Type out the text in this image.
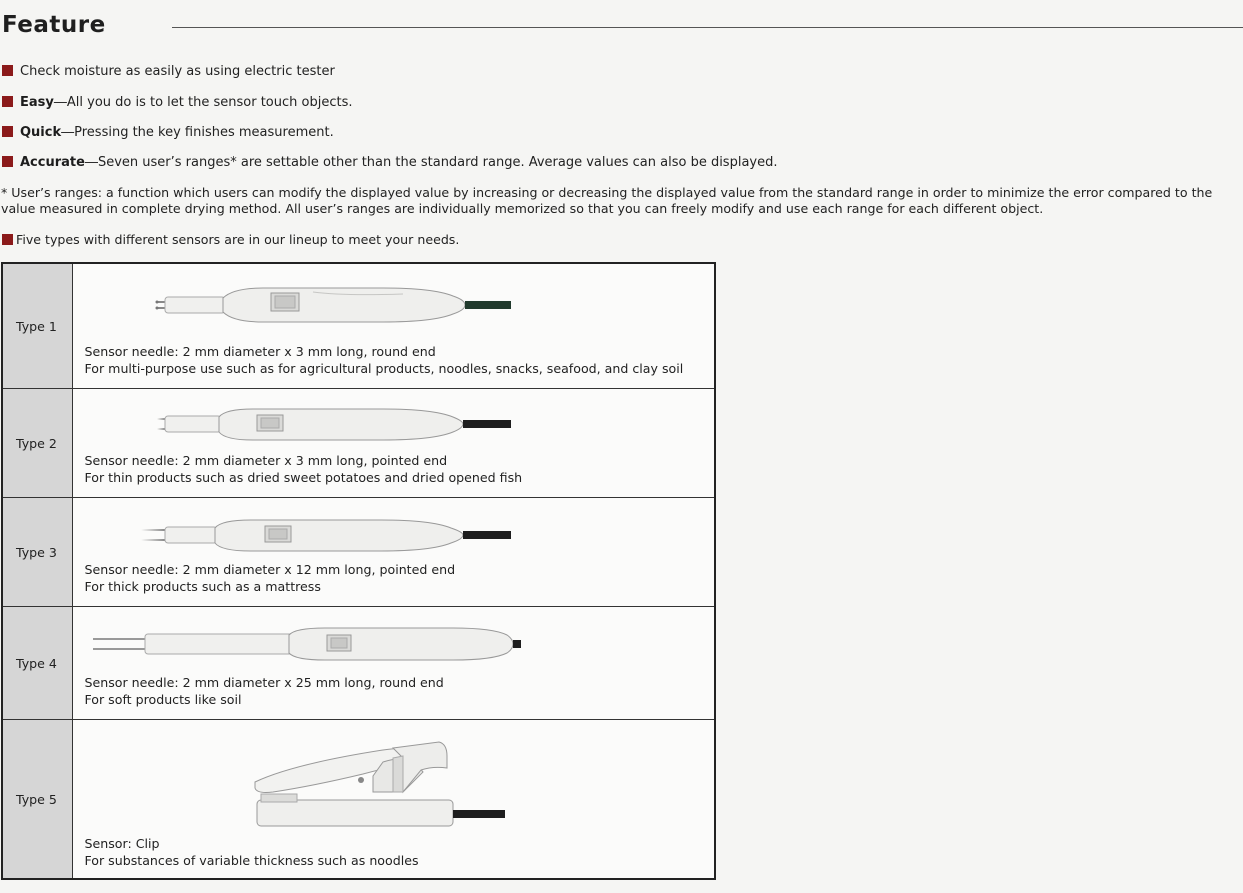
Feature
Check moisture as easily as using electric tester
Easy―All you do is to let the sensor touch objects.
Quick―Pressing the key finishes measurement.
Accurate―Seven user’s ranges* are settable other than the standard range. Average values can also be displayed.
* User’s ranges: a function which users can modify the displayed value by increasing or decreasing the displayed value from the standard range in order to minimize the error compared to the value measured in complete drying method. All user’s ranges are individually memorized so that you can freely modify and use each range for each different object.
Five types with different sensors are in our lineup to meet your needs.
Type 1	Sensor needle: 2 mm diameter x 3 mm long, round end
For multi-purpose use such as for agricultural products, noodles, snacks, seafood, and clay soil

Type 2	Sensor needle: 2 mm diameter x 3 mm long, pointed end
For thin products such as dried sweet potatoes and dried opened fish

Type 3	Sensor needle: 2 mm diameter x 12 mm long, pointed end
For thick products such as a mattress

Type 4	Sensor needle: 2 mm diameter x 25 mm long, round end
For soft products like soil

Type 5	Sensor: Clip
For substances of variable thickness such as noodles
